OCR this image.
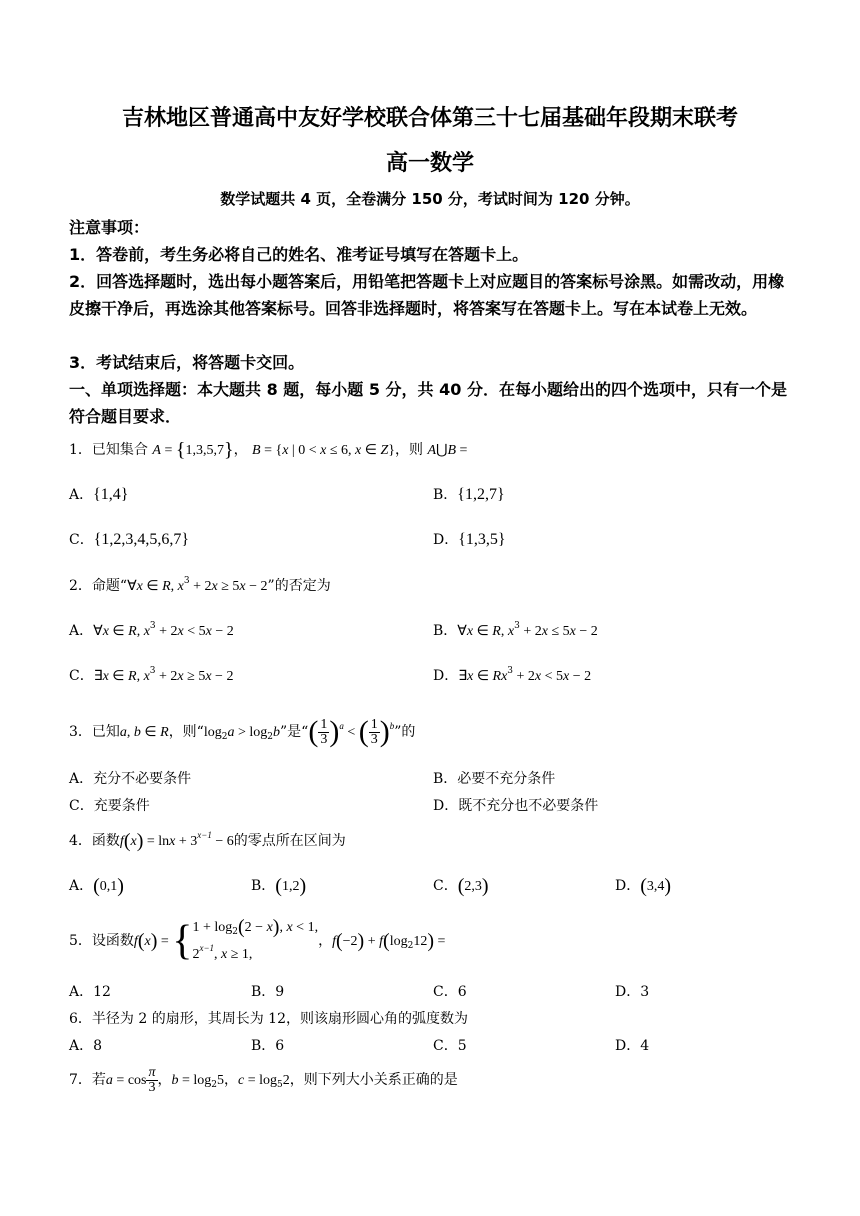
吉林地区普通高中友好学校联合体第三十七届基础年段期末联考
高一数学
数学试题共 4 页，全卷满分 150 分，考试时间为 120 分钟。
注意事项：
1．答卷前，考生务必将自己的姓名、准考证号填写在答题卡上。
2．回答选择题时，选出每小题答案后，用铅笔把答题卡上对应题目的答案标号涂黑。如需改动，用橡皮擦干净后，再选涂其他答案标号。回答非选择题时，将答案写在答题卡上。写在本试卷上无效。
3．考试结束后，将答题卡交回。
一、单项选择题：本大题共 8 题，每小题 5 分，共 40 分．在每小题给出的四个选项中，只有一个是符合题目要求．
1．已知集合 A = {1,3,5,7}， B = {x | 0 < x ≤ 6, x ∈ Z}，则 A⋃B =
A．{1,4}	B．{1,2,7}
C．{1,2,3,4,5,6,7}	D．{1,3,5}
2．命题“∀x ∈ R, $x^3 + 2x \ge 5x - 2$”的否定为
A．∀x ∈ R, $x^3 + 2x < 5x - 2$	B．∀x ∈ R, $x^3 + 2x \le 5x - 2$
C．∃x ∈ R, $x^3 + 2x \ge 5x - 2$	D．∃x ∈ $Rx^3 + 2x < 5x - 2$
3．已知a, b ∈ R，则“$\log_2a > \log_2b$”是“( $\frac{1}{3} )^a$ < ( $\frac{1}{3} )^b$”的
A．充分不必要条件	B．必要不充分条件
C．充要条件	D．既不充分也不必要条件
4．函数$f(x) = \ln x + 3^{x-1} - 6$的零点所在区间为
A．(0,1)	B．(1,2)	C．(2,3)	D．(3,4)
5．设函数f(x) = { $1 + \log_2(2 - x)$, x < 1,
$2^{x-1}$, x ≥ 1,
，$f(-2) + f(\log_212)$ =
A．12	B．9	C．6	D．3
6．半径为 2 的扇形，其周长为 12，则该扇形圆心角的弧度数为
A．8	B．6	C．5	D．4
7．若$a = \cos \frac{\pi}{3}$ ，$b = \log_25$，$c = \log_52$，则下列大小关系正确的是
